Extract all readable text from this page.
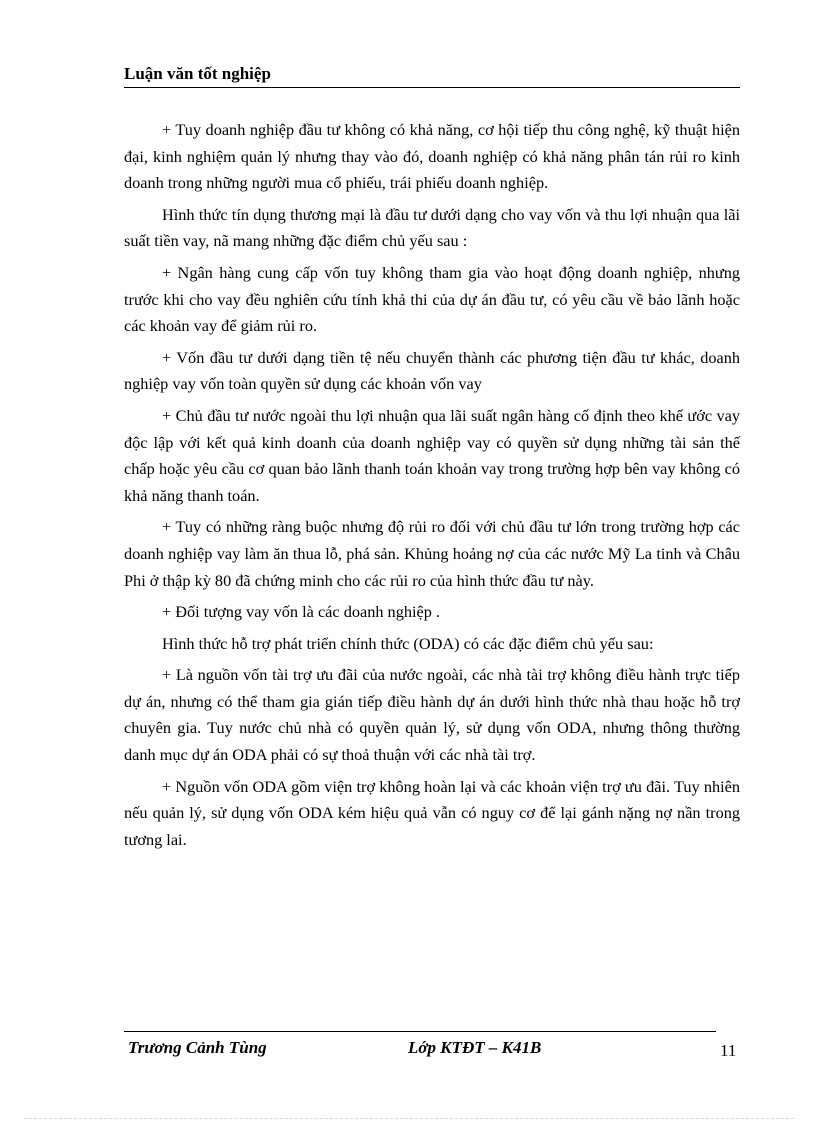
Luận văn tốt nghiệp

+ Tuy doanh nghiệp đầu tư không có khả năng, cơ hội tiếp thu công nghệ, kỹ thuật hiện đại, kinh nghiệm quản lý nhưng thay vào đó, doanh nghiệp có khả năng phân tán rủi ro kinh doanh trong những người mua cổ phiếu, trái phiếu doanh nghiệp.

Hình thức tín dụng thương mại là đầu tư dưới dạng cho vay vốn và thu lợi nhuận qua lãi suất tiền vay, nã mang những đặc điểm chủ yếu sau :

+ Ngân hàng cung cấp vốn tuy không tham gia vào hoạt động doanh nghiệp, nhưng trước khi cho vay đều nghiên cứu tính khả thi của dự án đầu tư, có yêu cầu về bảo lãnh hoặc các khoản vay để giảm rủi ro.

+ Vốn đầu tư dưới dạng tiền tệ nếu chuyển thành các phương tiện đầu tư khác, doanh nghiệp vay vốn toàn quyền sử dụng các khoản vốn vay

+ Chủ đầu tư nước ngoài thu lợi nhuận qua lãi suất ngân hàng cố định theo khế ước vay độc lập với kết quả kinh doanh của doanh nghiệp vay có quyền sử dụng những tài sản thế chấp hoặc yêu cầu cơ quan bảo lãnh thanh toán khoản vay trong trường hợp bên vay không có khả năng thanh toán.

+ Tuy có những ràng buộc nhưng độ rủi ro đối với chủ đầu tư lớn trong trường hợp các doanh nghiệp vay làm ăn thua lỗ, phá sản. Khủng hoảng nợ của các nước Mỹ La tinh và Châu Phi ở thập kỳ 80 đã chứng minh cho các rủi ro của hình thức đầu tư này.

+ Đối tượng vay vốn là các doanh nghiệp .

Hình thức hỗ trợ phát triển chính thức (ODA) có các đặc điểm chủ yếu sau:

+ Là nguồn vốn tài trợ ưu đãi của nước ngoài, các nhà tài trợ không điều hành trực tiếp dự án, nhưng có thể tham gia gián tiếp điều hành dự án dưới hình thức nhà thau hoặc hỗ trợ chuyên gia. Tuy nước chủ nhà có quyền quản lý, sử dụng vốn ODA, nhưng thông thường danh mục dự án ODA phải có sự thoả thuận với các nhà tài trợ.

+ Nguồn vốn ODA gồm viện trợ không hoàn lại và các khoản viện trợ ưu đãi. Tuy nhiên nếu quản lý, sử dụng vốn ODA kém hiệu quả vẫn có nguy cơ để lại gánh nặng nợ nần trong tương lai.

Trương Cảnh Tùng	Lớp KTĐT – K41B	11
